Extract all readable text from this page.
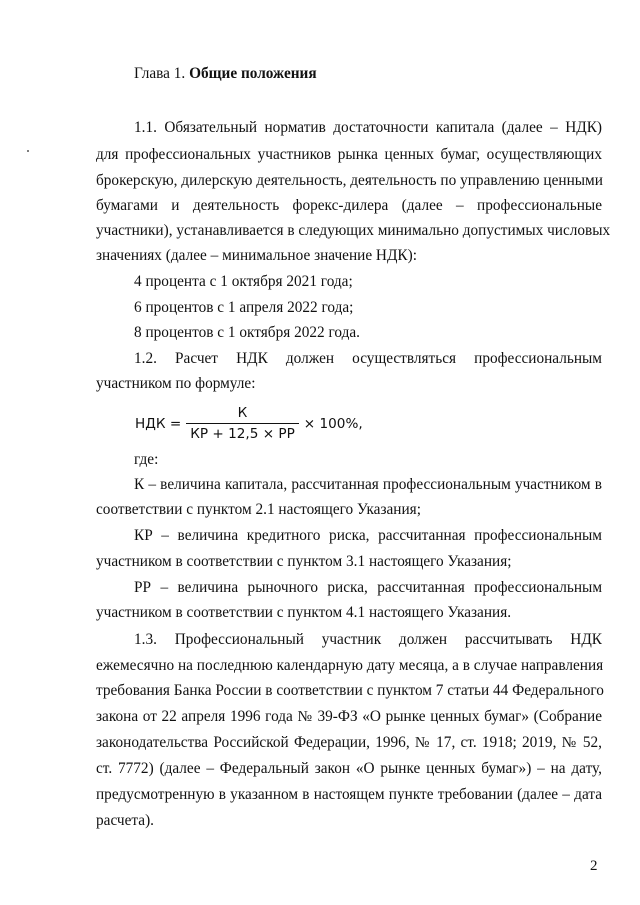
Глава 1. Общие положения
1.1. Обязательный норматив достаточности капитала (далее – НДК)
для профессиональных участников рынка ценных бумаг, осуществляющих
брокерскую, дилерскую деятельность, деятельность по управлению ценными
бумагами и деятельность форекс-дилера (далее – профессиональные
участники), устанавливается в следующих минимально допустимых числовых
значениях (далее – минимальное значение НДК):
4 процента с 1 октября 2021 года;
6 процентов с 1 апреля 2022 года;
8 процентов с 1 октября 2022 года.
1.2. Расчет НДК должен осуществляться профессиональным
участником по формуле:
НДК = $\frac{К}{КР + 12,5 \times РР} \times 100\%$,
где:
К – величина капитала, рассчитанная профессиональным участником в
соответствии с пунктом 2.1 настоящего Указания;
КР – величина кредитного риска, рассчитанная профессиональным
участником в соответствии с пунктом 3.1 настоящего Указания;
РР – величина рыночного риска, рассчитанная профессиональным
участником в соответствии с пунктом 4.1 настоящего Указания.
1.3. Профессиональный участник должен рассчитывать НДК
ежемесячно на последнюю календарную дату месяца, а в случае направления
требования Банка России в соответствии с пунктом 7 статьи 44 Федерального
закона от 22 апреля 1996 года № 39-ФЗ «О рынке ценных бумаг» (Собрание
законодательства Российской Федерации, 1996, № 17, ст. 1918; 2019, № 52,
ст. 7772) (далее – Федеральный закон «О рынке ценных бумаг») – на дату,
предусмотренную в указанном в настоящем пункте требовании (далее – дата
расчета).
2
